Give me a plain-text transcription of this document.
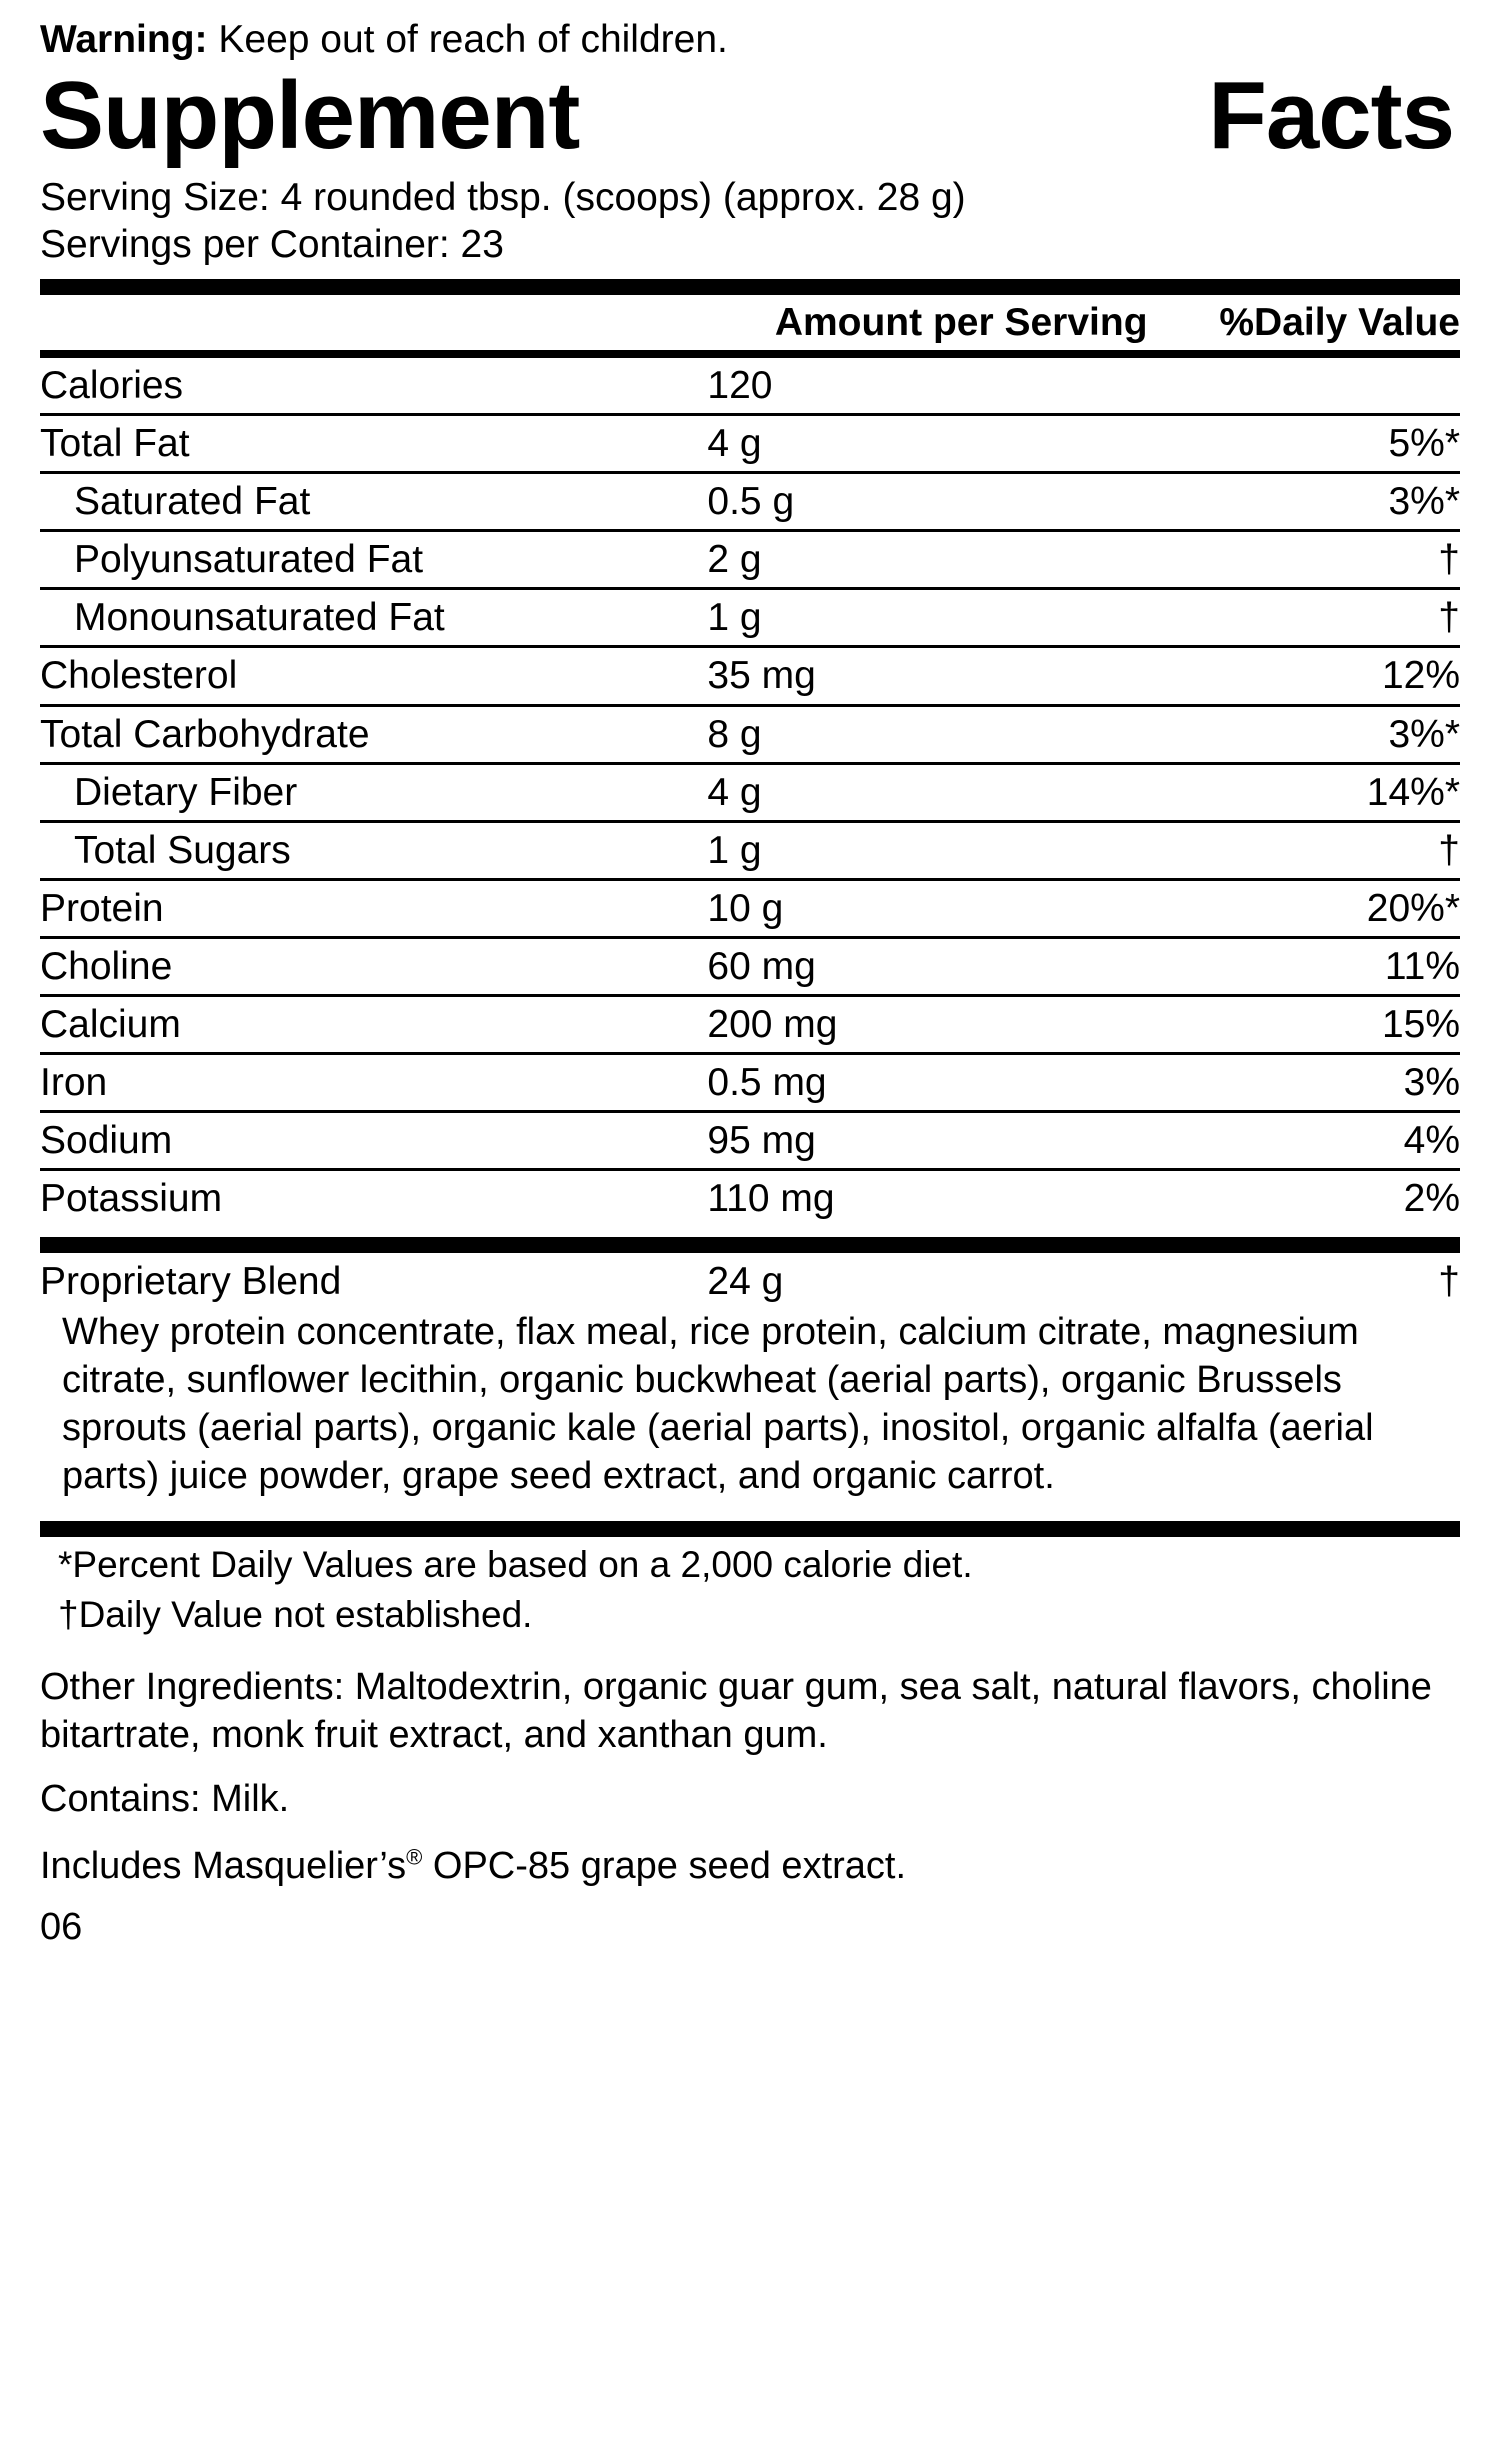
Warning: Keep out of reach of children.
Supplement	Facts
Serving Size: 4 rounded tbsp. (scoops) (approx. 28 g)
Servings per Container: 23
	Amount per Serving	%Daily Value
Calories	120	
Total Fat	4 g	5%*
Saturated Fat	0.5 g	3%*
Polyunsaturated Fat	2 g	†
Monounsaturated Fat	1 g	†
Cholesterol	35 mg	12%
Total Carbohydrate	8 g	3%*
Dietary Fiber	4 g	14%*
Total Sugars	1 g	†
Protein	10 g	20%*
Choline	60 mg	11%
Calcium	200 mg	15%
Iron	0.5 mg	3%
Sodium	95 mg	4%
Potassium	110 mg	2%
Proprietary Blend	24 g	†
Whey protein concentrate, flax meal, rice protein, calcium citrate, magnesium citrate, sunflower lecithin, organic buckwheat (aerial parts), organic Brussels sprouts (aerial parts), organic kale (aerial parts), inositol, organic alfalfa (aerial parts) juice powder, grape seed extract, and organic carrot.
*Percent Daily Values are based on a 2,000 calorie diet.
†Daily Value not established.
Other Ingredients: Maltodextrin, organic guar gum, sea salt, natural flavors, choline bitartrate, monk fruit extract, and xanthan gum.
Contains: Milk.
Includes Masquelier’s® OPC-85 grape seed extract.
06
